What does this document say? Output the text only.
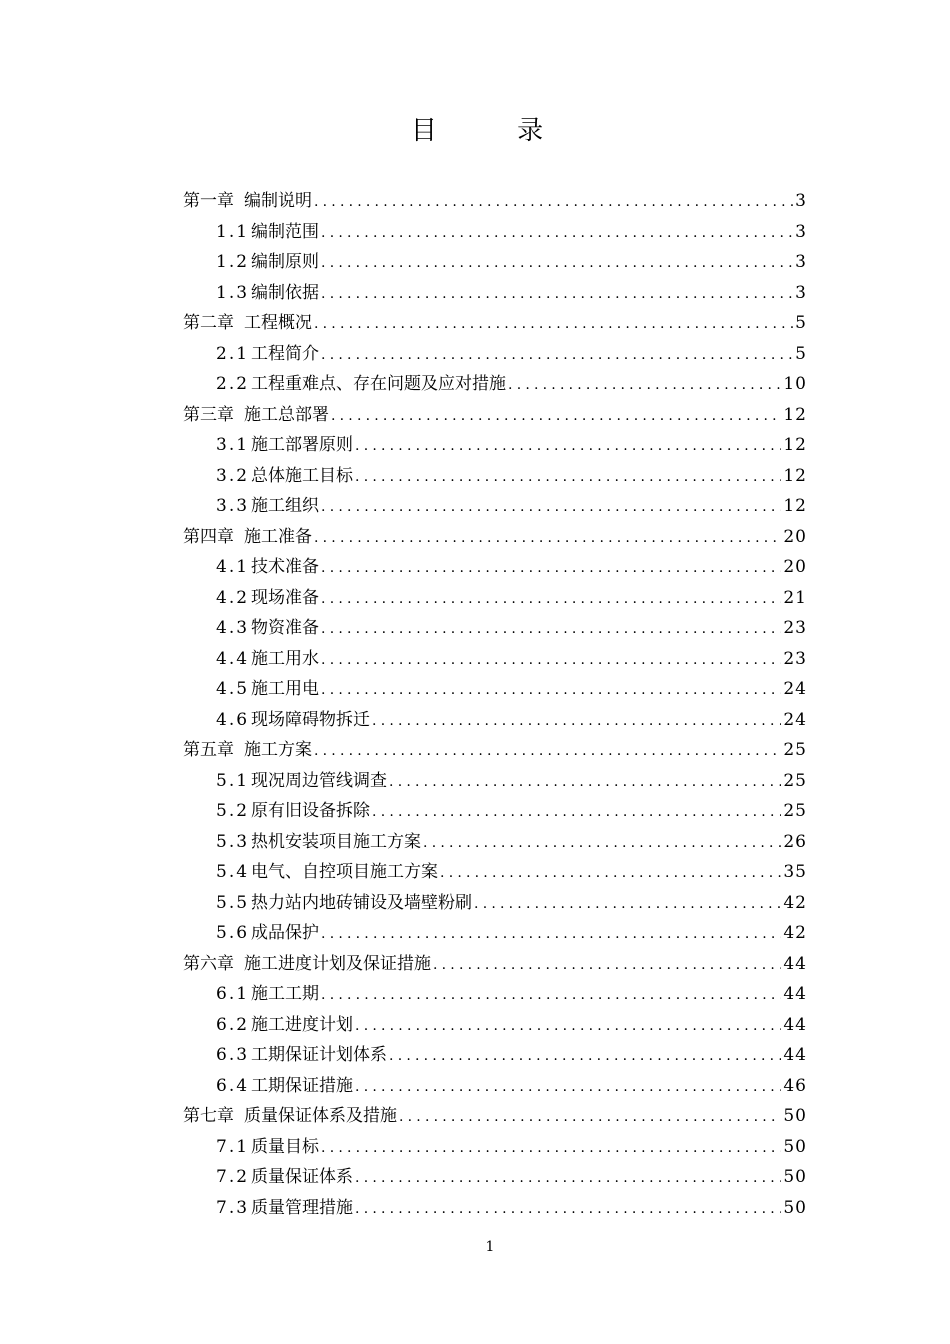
目 录
第一章 编制说明 .....	3
1.1 编制范围 .....	3
1.2 编制原则 .....	3
1.3 编制依据 .....	3
第二章 工程概况 .....	5
2.1 工程简介 .....	5
2.2 工程重难点、存在问题及应对措施 .....	10
第三章 施工总部署 .....	12
3.1 施工部署原则 .....	12
3.2 总体施工目标 .....	12
3.3 施工组织 .....	12
第四章 施工准备 .....	20
4.1 技术准备 .....	20
4.2 现场准备 .....	21
4.3 物资准备 .....	23
4.4 施工用水 .....	23
4.5 施工用电 .....	24
4.6 现场障碍物拆迁 .....	24
第五章 施工方案 .....	25
5.1 现况周边管线调查 .....	25
5.2 原有旧设备拆除 .....	25
5.3 热机安装项目施工方案 .....	26
5.4 电气、自控项目施工方案 .....	35
5.5 热力站内地砖铺设及墙壁粉刷 .....	42
5.6 成品保护 .....	42
第六章 施工进度计划及保证措施 .....	44
6.1 施工工期 .....	44
6.2 施工进度计划 .....	44
6.3 工期保证计划体系 .....	44
6.4 工期保证措施 .....	46
第七章 质量保证体系及措施 .....	50
7.1 质量目标 .....	50
7.2 质量保证体系 .....	50
7.3 质量管理措施 .....	50
1
